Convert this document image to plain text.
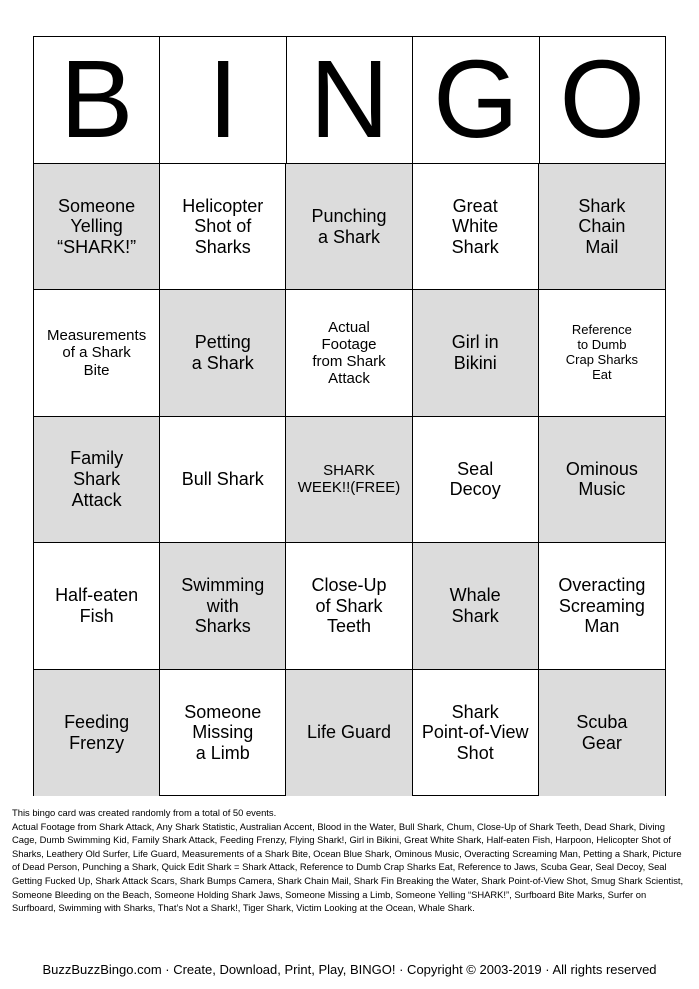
B I N G O
Someone
Yelling
“SHARK!”
Helicopter
Shot of
Sharks
Punching
a Shark
Great
White
Shark
Shark
Chain
Mail
Measurements
of a Shark
Bite
Petting
a Shark
Actual
Footage
from Shark
Attack
Girl in
Bikini
Reference
to Dumb
Crap Sharks
Eat
Family
Shark
Attack
Bull Shark	SHARK
WEEK!!(FREE)
Seal
Decoy
Ominous
Music
Half-eaten
Fish
Swimming
with
Sharks
Close-Up
of Shark
Teeth
Whale
Shark
Overacting
Screaming
Man
Feeding
Frenzy
Someone
Missing
a Limb
Life Guard
Shark
Point-of-View
Shot
Scuba
Gear

This bingo card was created randomly from a total of 50 events.

Actual Footage from Shark Attack, Any Shark Statistic, Australian Accent, Blood in the Water, Bull Shark, Chum, Close-Up of Shark Teeth, Dead Shark, Diving Cage, Dumb Swimming Kid, Family Shark Attack, Feeding Frenzy, Flying Shark!, Girl in Bikini, Great White Shark, Half-eaten Fish, Harpoon, Helicopter Shot of Sharks, Leathery Old Surfer, Life Guard, Measurements of a Shark Bite, Ocean Blue Shark, Ominous Music, Overacting Screaming Man, Petting a Shark, Picture of Dead Person, Punching a Shark, Quick Edit Shark = Shark Attack, Reference to Dumb Crap Sharks Eat, Reference to Jaws, Scuba Gear, Seal Decoy, Seal Getting Fucked Up, Shark Attack Scars, Shark Bumps Camera, Shark Chain Mail, Shark Fin Breaking the Water, Shark Point-of-View Shot, Smug Shark Scientist, Someone Bleeding on the Beach, Someone Holding Shark Jaws, Someone Missing a Limb, Someone Yelling “SHARK!”, Surfboard Bite Marks, Surfer on Surfboard, Swimming with Sharks, That’s Not a Shark!, Tiger Shark, Victim Looking at the Ocean, Whale Shark.

BuzzBuzzBingo.com · Create, Download, Print, Play, BINGO! · Copyright © 2003-2019 · All rights reserved
